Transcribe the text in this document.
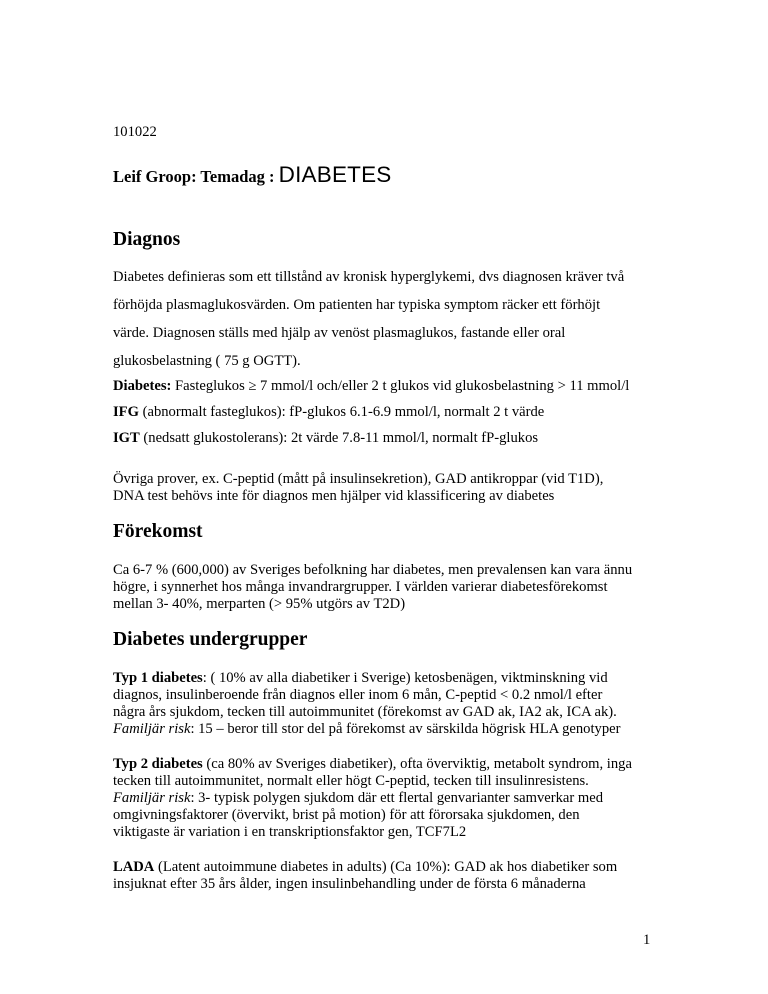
101022
Leif Groop: Temadag : DIABETES
Diagnos
Diabetes definieras som ett tillstånd av kronisk hyperglykemi, dvs diagnosen kräver två
förhöjda plasmaglukosvärden. Om patienten har typiska symptom räcker ett förhöjt
värde. Diagnosen ställs med hjälp av venöst plasmaglukos, fastande eller oral
glukosbelastning ( 75 g OGTT).
Diabetes: Fasteglukos ≥ 7 mmol/l och/eller 2 t glukos vid glukosbelastning > 11 mmol/l
IFG (abnormalt fasteglukos): fP-glukos 6.1-6.9 mmol/l, normalt 2 t värde
IGT (nedsatt glukostolerans): 2t värde 7.8-11 mmol/l, normalt fP-glukos
Övriga prover, ex. C-peptid (mått på insulinsekretion), GAD antikroppar (vid T1D),
DNA test behövs inte för diagnos men hjälper vid klassificering av diabetes
Förekomst
Ca 6-7 % (600,000) av Sveriges befolkning har diabetes, men prevalensen kan vara ännu
högre, i synnerhet hos många invandrargrupper. I världen varierar diabetesförekomst
mellan 3- 40%, merparten (> 95% utgörs av T2D)
Diabetes undergrupper
Typ 1 diabetes: ( 10% av alla diabetiker i Sverige) ketosbenägen, viktminskning vid
diagnos, insulinberoende från diagnos eller inom 6 mån, C-peptid < 0.2 nmol/l efter
några års sjukdom, tecken till autoimmunitet (förekomst av GAD ak, IA2 ak, ICA ak).
Familjär risk: 15 – beror till stor del på förekomst av särskilda högrisk HLA genotyper
Typ 2 diabetes (ca 80% av Sveriges diabetiker), ofta överviktig, metabolt syndrom, inga
tecken till autoimmunitet, normalt eller högt C-peptid, tecken till insulinresistens.
Familjär risk: 3- typisk polygen sjukdom där ett flertal genvarianter samverkar med
omgivningsfaktorer (övervikt, brist på motion) för att förorsaka sjukdomen, den
viktigaste är variation i en transkriptionsfaktor gen, TCF7L2
LADA (Latent autoimmune diabetes in adults) (Ca 10%): GAD ak hos diabetiker som
insjuknat efter 35 års ålder, ingen insulinbehandling under de första 6 månaderna
1
